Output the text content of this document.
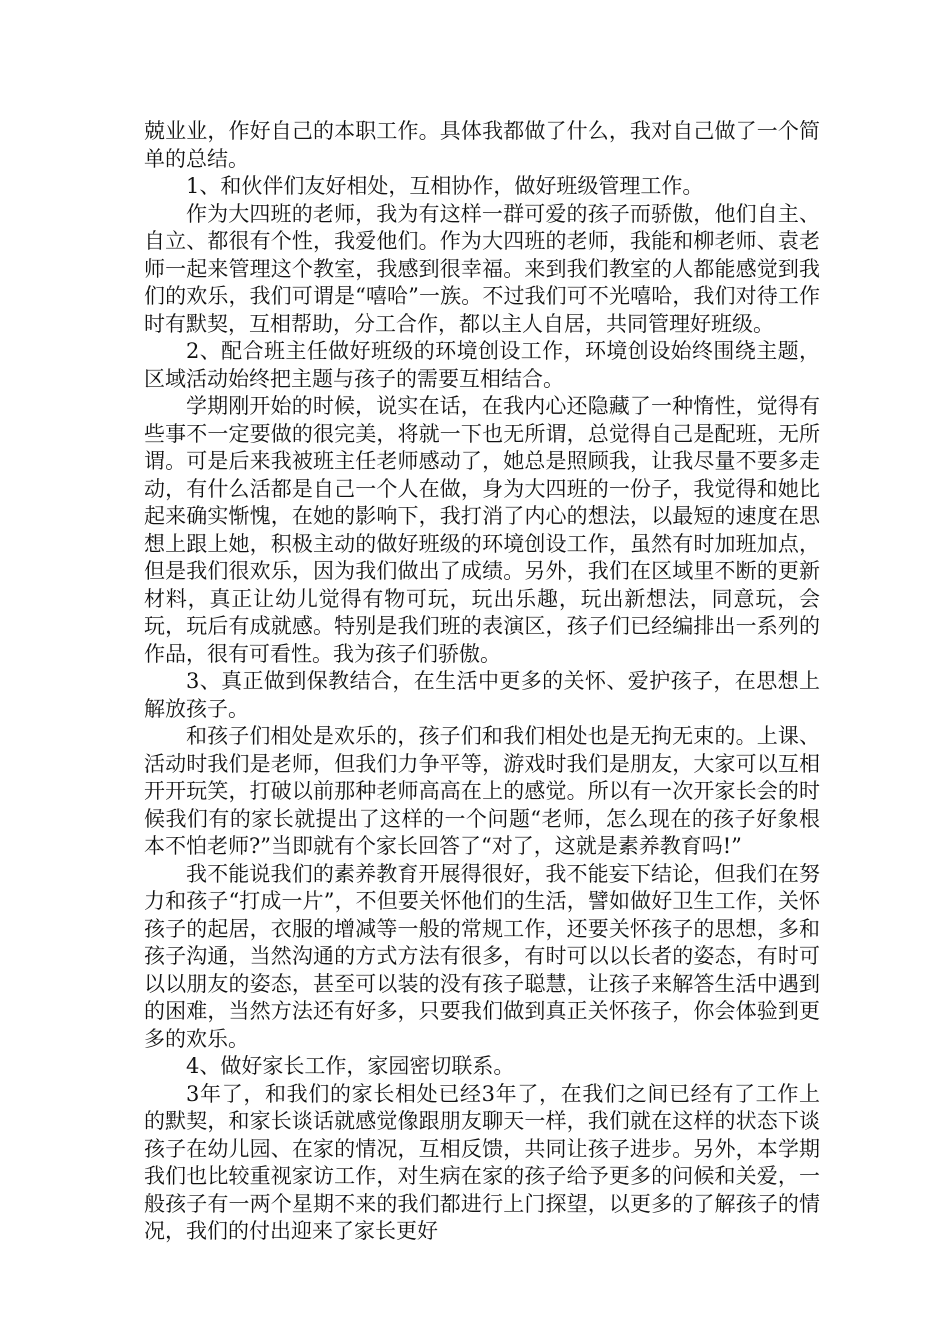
兢业业，作好自己的本职工作。具体我都做了什么，我对自己做了一个简单的总结。

1、和伙伴们友好相处，互相协作，做好班级管理工作。

作为大四班的老师，我为有这样一群可爱的孩子而骄傲，他们自主、自立、都很有个性，我爱他们。作为大四班的老师，我能和柳老师、袁老师一起来管理这个教室，我感到很幸福。来到我们教室的人都能感觉到我们的欢乐，我们可谓是“嘻哈”一族。不过我们可不光嘻哈，我们对待工作时有默契，互相帮助，分工合作，都以主人自居，共同管理好班级。

2、配合班主任做好班级的环境创设工作，环境创设始终围绕主题，区域活动始终把主题与孩子的需要互相结合。

学期刚开始的时候，说实在话，在我内心还隐藏了一种惰性，觉得有些事不一定要做的很完美，将就一下也无所谓，总觉得自己是配班，无所谓。可是后来我被班主任老师感动了，她总是照顾我，让我尽量不要多走动，有什么活都是自己一个人在做，身为大四班的一份子，我觉得和她比起来确实惭愧，在她的影响下，我打消了内心的想法，以最短的速度在思想上跟上她，积极主动的做好班级的环境创设工作，虽然有时加班加点，但是我们很欢乐，因为我们做出了成绩。另外，我们在区域里不断的更新材料，真正让幼儿觉得有物可玩，玩出乐趣，玩出新想法，同意玩，会玩，玩后有成就感。特别是我们班的表演区，孩子们已经编排出一系列的作品，很有可看性。我为孩子们骄傲。

3、真正做到保教结合，在生活中更多的关怀、爱护孩子，在思想上解放孩子。

和孩子们相处是欢乐的，孩子们和我们相处也是无拘无束的。上课、活动时我们是老师，但我们力争平等，游戏时我们是朋友，大家可以互相开开玩笑，打破以前那种老师高高在上的感觉。所以有一次开家长会的时候我们有的家长就提出了这样的一个问题“老师，怎么现在的孩子好象根本不怕老师?”当即就有个家长回答了“对了，这就是素养教育吗!”

我不能说我们的素养教育开展得很好，我不能妄下结论，但我们在努力和孩子“打成一片”，不但要关怀他们的生活，譬如做好卫生工作，关怀孩子的起居，衣服的增减等一般的常规工作，还要关怀孩子的思想，多和孩子沟通，当然沟通的方式方法有很多，有时可以以长者的姿态，有时可以以朋友的姿态，甚至可以装的没有孩子聪慧，让孩子来解答生活中遇到的困难，当然方法还有好多，只要我们做到真正关怀孩子，你会体验到更多的欢乐。

4、做好家长工作，家园密切联系。

3年了，和我们的家长相处已经3年了，在我们之间已经有了工作上的默契，和家长谈话就感觉像跟朋友聊天一样，我们就在这样的状态下谈孩子在幼儿园、在家的情况，互相反馈，共同让孩子进步。另外，本学期我们也比较重视家访工作，对生病在家的孩子给予更多的问候和关爱，一般孩子有一两个星期不来的我们都进行上门探望，以更多的了解孩子的情况，我们的付出迎来了家长更好
